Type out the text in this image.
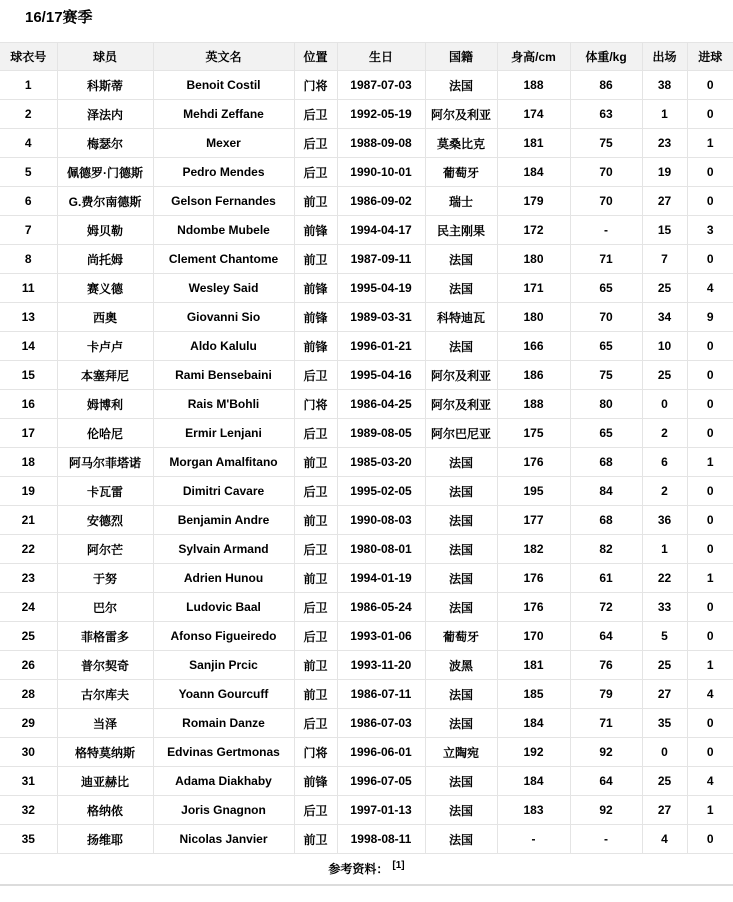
16/17赛季
球衣号	球员	英文名	位置	生日	国籍	身高/cm	体重/kg	出场	进球
1	科斯蒂	Benoit Costil	门将	1987-07-03	法国	188	86	38	0
2	泽法内	Mehdi Zeffane	后卫	1992-05-19	阿尔及利亚	174	63	1	0
4	梅瑟尔	Mexer	后卫	1988-09-08	莫桑比克	181	75	23	1
5	佩德罗·门德斯	Pedro Mendes	后卫	1990-10-01	葡萄牙	184	70	19	0
6	G.费尔南德斯	Gelson Fernandes	前卫	1986-09-02	瑞士	179	70	27	0
7	姆贝勒	Ndombe Mubele	前锋	1994-04-17	民主刚果	172	-	15	3
8	尚托姆	Clement Chantome	前卫	1987-09-11	法国	180	71	7	0
11	赛义德	Wesley Said	前锋	1995-04-19	法国	171	65	25	4
13	西奥	Giovanni Sio	前锋	1989-03-31	科特迪瓦	180	70	34	9
14	卡卢卢	Aldo Kalulu	前锋	1996-01-21	法国	166	65	10	0
15	本塞拜尼	Rami Bensebaini	后卫	1995-04-16	阿尔及利亚	186	75	25	0
16	姆博利	Rais M'Bohli	门将	1986-04-25	阿尔及利亚	188	80	0	0
17	伦哈尼	Ermir Lenjani	后卫	1989-08-05	阿尔巴尼亚	175	65	2	0
18	阿马尔菲塔诺	Morgan Amalfitano	前卫	1985-03-20	法国	176	68	6	1
19	卡瓦雷	Dimitri Cavare	后卫	1995-02-05	法国	195	84	2	0
21	安德烈	Benjamin Andre	前卫	1990-08-03	法国	177	68	36	0
22	阿尔芒	Sylvain Armand	后卫	1980-08-01	法国	182	82	1	0
23	于努	Adrien Hunou	前卫	1994-01-19	法国	176	61	22	1
24	巴尔	Ludovic Baal	后卫	1986-05-24	法国	176	72	33	0
25	菲格雷多	Afonso Figueiredo	后卫	1993-01-06	葡萄牙	170	64	5	0
26	普尔契奇	Sanjin Prcic	前卫	1993-11-20	波黑	181	76	25	1
28	古尔库夫	Yoann Gourcuff	前卫	1986-07-11	法国	185	79	27	4
29	当泽	Romain Danze	后卫	1986-07-03	法国	184	71	35	0
30	格特莫纳斯	Edvinas Gertmonas	门将	1996-06-01	立陶宛	192	92	0	0
31	迪亚赫比	Adama Diakhaby	前锋	1996-07-05	法国	184	64	25	4
32	格纳侬	Joris Gnagnon	后卫	1997-01-13	法国	183	92	27	1
35	扬维耶	Nicolas Janvier	前卫	1998-08-11	法国	-	-	4	0
参考资料： [1]
